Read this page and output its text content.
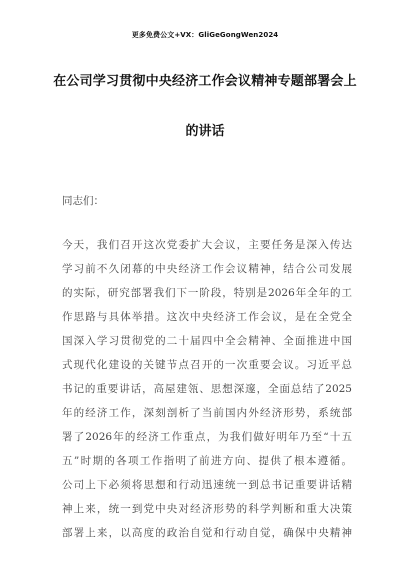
更多免费公文+VX：GliGeGongWen2024
在公司学习贯彻中央经济工作会议精神专题部署会上
的讲话
同志们：
今天，我们召开这次党委扩大会议，主要任务是深入传达
学习前不久闭幕的中央经济工作会议精神，结合公司发展
的实际，研究部署我们下一阶段，特别是2026年全年的工
作思路与具体举措。这次中央经济工作会议，是在全党全
国深入学习贯彻党的二十届四中全会精神、全面推进中国
式现代化建设的关键节点召开的一次重要会议。习近平总
书记的重要讲话，高屋建瓴、思想深邃，全面总结了2025
年的经济工作，深刻剖析了当前国内外经济形势，系统部
署了2026年的经济工作重点，为我们做好明年乃至“十五
五”时期的各项工作指明了前进方向、提供了根本遵循。
公司上下必须将思想和行动迅速统一到总书记重要讲话精
神上来，统一到党中央对经济形势的科学判断和重大决策
部署上来，以高度的政治自觉和行动自觉，确保中央精神
